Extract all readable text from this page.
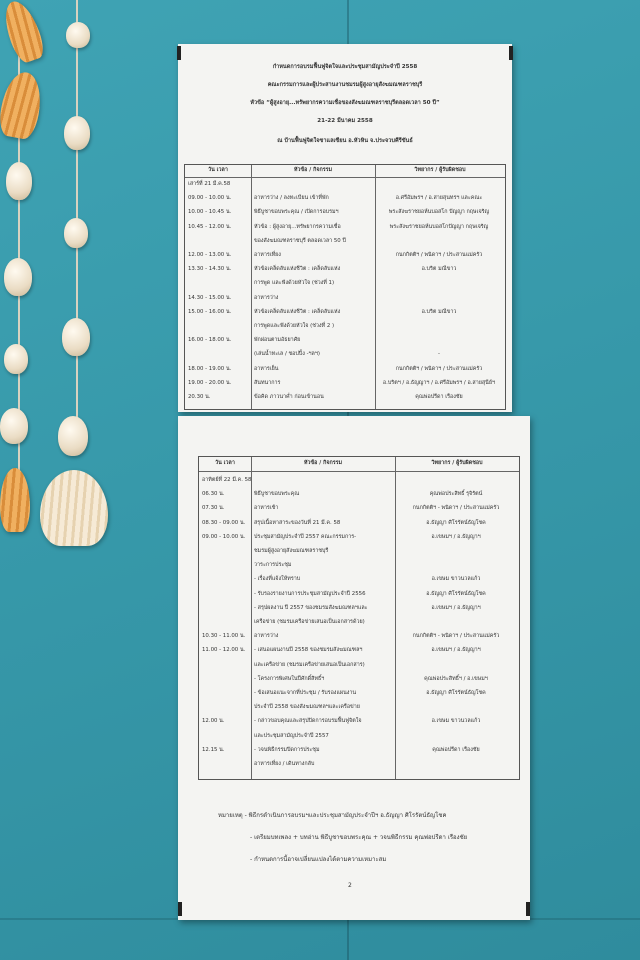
กำหนดการอบรมฟื้นฟูจิตใจและประชุมสามัญประจำปี 2558
คณะกรรมการและผู้ประสานงานชมรมผู้สูงอายุสังฆมณฑลราชบุรี
หัวข้อ “ผู้สูงอายุ...ทรัพยากรความเชื่อของสังฆมณฑลราชบุรีตลอดเวลา 50 ปี”
21-22 มีนาคม 2558
ณ บ้านฟื้นฟูจิตใจซาแลเซียน อ.หัวหิน จ.ประจวบคีรีขันธ์
วัน เวลา	หัวข้อ / กิจกรรม	วิทยากร / ผู้รับผิดชอบ
เสาร์ที่ 21 มี.ค.58
09.00 - 10.00 น.	อาหารว่าง / ลงทะเบียน เข้าที่พัก	อ.ศรีอัมพรฯ / อ.สายสุนทรฯ และคณะ
10.00 - 10.45 น.	พิธีบูชาขอบพระคุณ / เปิดการอบรมฯ	พระสังฆราชยอห์นบอสโก ปัญญา กฤษเจริญ
10.45 - 12.00 น.	หัวข้อ : ผู้สูงอายุ...ทรัพยากรความเชื่อ	พระสังฆราชยอห์นบอสโกปัญญา กฤษเจริญ
ของสังฆมณฑลราชบุรี ตลอดเวลา 50 ปี
12.00 - 13.00 น.	อาหารเที่ยง	กนกกิตติฯ / พนิดาฯ / ประสานแม่ครัว
13.30 - 14.30 น.	หัวข้อเคล็ดลับแห่งชีวิต : เคล็ดลับแห่ง	อ.บริต มณีขาว
การพูด และฟังด้วยหัวใจ (ช่วงที่ 1)
14.30 - 15.00 น.	อาหารว่าง
15.00 - 16.00 น.	หัวข้อเคล็ดลับแห่งชีวิต : เคล็ดลับแห่ง	อ.บริต มณีขาว
การพูดและฟังด้วยหัวใจ (ช่วงที่ 2 )
16.00 - 18.00 น.	พักผ่อนตามอัธยาศัย
(เล่นน้ำทะเล / ชอปปิ้ง -ฯลฯ)	-
18.00 - 19.00 น.	อาหารเย็น	กนกกิตติฯ / พนิดาฯ / ประสานแม่ครัว
19.00 - 20.00 น.	สันทนาการ	อ.บริตฯ / อ.ธัญญาฯ / อ.ศรีอัมพรฯ / อ.สายสุนีย์ฯ
20.30 น.	ข้อคิด ภาวนาค่ำ ก่อนเข้านอน	คุณพ่อปรีดา เรืองชัย
วัน เวลา	หัวข้อ / กิจกรรม	วิทยากร / ผู้รับผิดชอบ
อาทิตย์ที่ 22 มี.ค. 58
06.30 น.	พิธีบูชาขอบพระคุณ	คุณพ่อประสิทธิ์ รุจิรัตน์
07.30 น.	อาหารเช้า	กนกกิตติฯ - พนิดาฯ / ประสานแม่ครัว
08.30 - 09.00 น. สรุปเนื้อหาสาระของวันที่ 21 มี.ค. 58	อ.ธัญญา ศิโรรัตน์ธัญโชค
09.00 - 10.00 น. ประชุมสามัญประจำปี 2557 คณะกรรมการ-	อ.เขษมฯ / อ.ธัญญาฯ
ชมรมผู้สูงอายุสังฆมณฑลราชบุรี
วาระการประชุม
- เรื่องที่แจ้งให้ทราบ	อ.เขษม ขาวนวลแก้ว
- รับรองรายงานการประชุมสามัญประจำปี 2556	อ.ธัญญา ศิโรรัตน์ธัญโชค
- สรุปผลงาน ปี 2557 ของชมรมสังฆมณฑลฯและ	อ.เขษมฯ / อ.ธัญญาฯ
เครือข่าย (ชมรมเครือข่ายเสนอเป็นเอกสารด้วย)
10.30 - 11.00 น. อาหารว่าง	กนกกิตติฯ - พนิดาฯ / ประสานแม่ครัว
11.00 - 12.00 น. - เสนอแผนงานปี 2558 ของชมรมสังฆมณฑลฯ	อ.เขษมฯ / อ.ธัญญาฯ
และเครือข่าย (ชมรมเครือข่ายเสนอเป็นเอกสาร)
- โครงการพิเศษในปีศักดิ์สิทธิ์ฯ	คุณพ่อประสิทธิ์ฯ / อ.เขษมฯ
- ข้อเสนอแนะจากที่ประชุม / รับรองแผนงาน	อ.ธัญญา ศิโรรัตน์ธัญโชค
ประจำปี 2558 ของสังฆมณฑลฯและเครือข่าย
12.00 น.	- กล่าวขอบคุณและสรุปปิดการอบรมฟื้นฟูจิตใจ	อ.เขษม ขาวนวลแก้ว
และประชุมสามัญประจำปี 2557
12.15 น.	- วจนพิธีกรรมปิดการประชุม	คุณพ่อปรีดา เรืองชัย
อาหารเที่ยง / เดินทางกลับ
หมายเหตุ - พิธีกรดำเนินการอบรมฯและประชุมสามัญประจำปีฯ อ.ธัญญา ศิโรรัตน์ธัญโชค
- เตรียมบทเพลง + บทอ่าน พิธีบูชาขอบพระคุณ + วจนพิธีกรรม คุณพ่อปรีดา เรืองชัย
- กำหนดการนี้อาจเปลี่ยนแปลงได้ตามความเหมาะสม
2
